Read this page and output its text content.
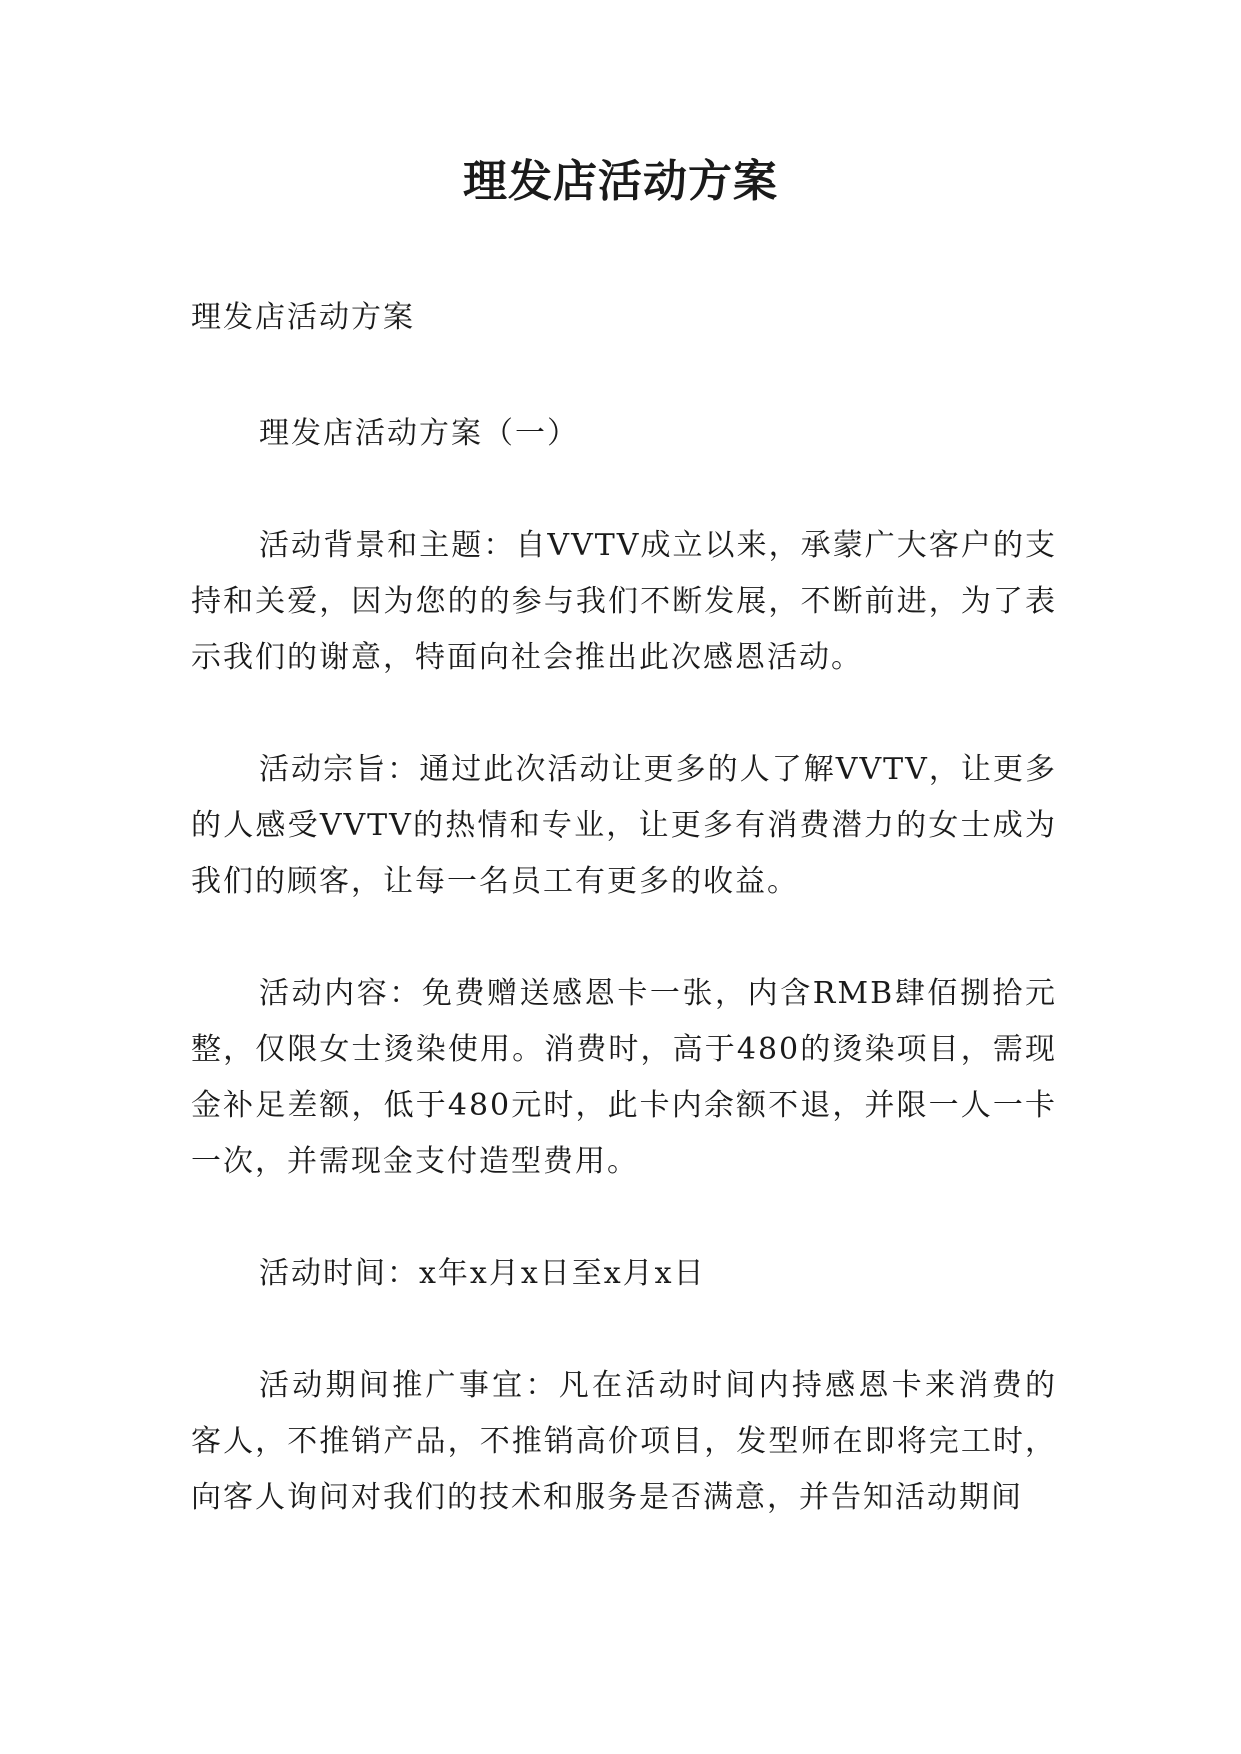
理发店活动方案

理发店活动方案

理发店活动方案（一）

活动背景和主题：自VVTV成立以来，承蒙广大客户的支持和关爱，因为您的的参与我们不断发展，不断前进，为了表示我们的谢意，特面向社会推出此次感恩活动。

活动宗旨：通过此次活动让更多的人了解VVTV，让更多的人感受VVTV的热情和专业，让更多有消费潜力的女士成为我们的顾客，让每一名员工有更多的收益。

活动内容：免费赠送感恩卡一张，内含RMB肆佰捌拾元整，仅限女士烫染使用。消费时，高于480的烫染项目，需现金补足差额，低于480元时，此卡内余额不退，并限一人一卡一次，并需现金支付造型费用。

活动时间：x年x月x日至x月x日

活动期间推广事宜：凡在活动时间内持感恩卡来消费的客人，不推销产品，不推销高价项目，发型师在即将完工时，向客人询问对我们的技术和服务是否满意，并告知活动期间
